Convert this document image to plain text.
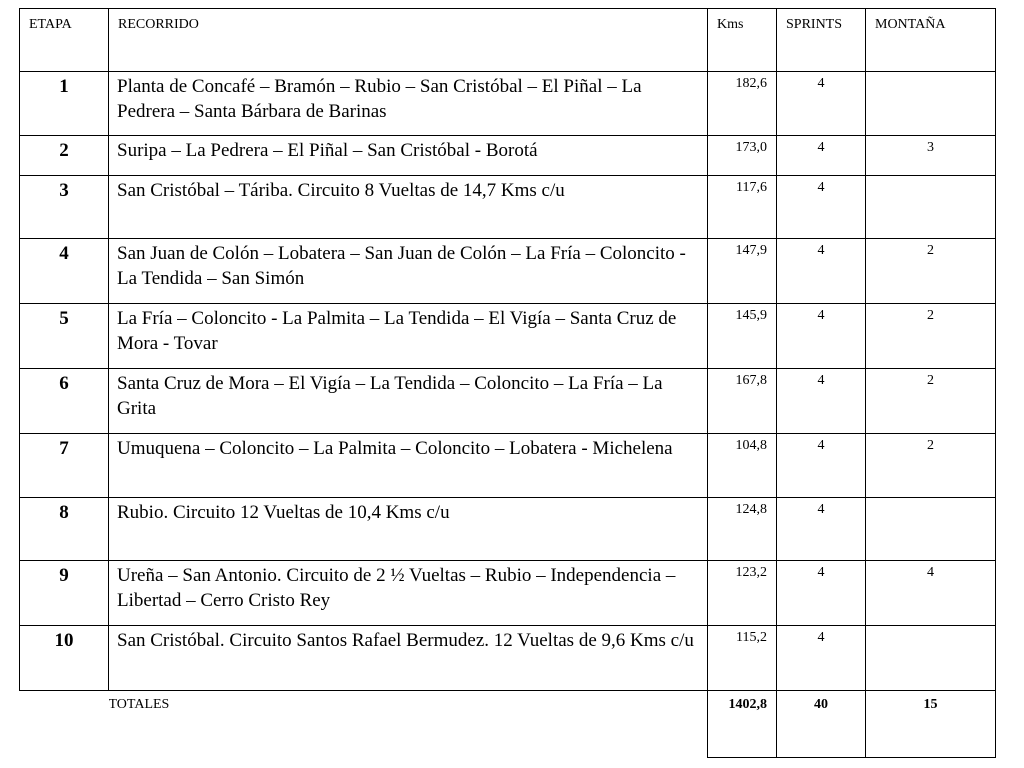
ETAPA	RECORRIDO	Kms	SPRINTS	MONTAÑA
1	Planta de Concafé – Bramón – Rubio – San Cristóbal – El Piñal – La Pedrera – Santa Bárbara de Barinas	182,6	4	
2	Suripa – La Pedrera – El Piñal – San Cristóbal - Borotá	173,0	4	3
3	San Cristóbal – Táriba. Circuito 8 Vueltas de 14,7 Kms c/u	117,6	4	
4	San Juan de Colón – Lobatera – San Juan de Colón – La Fría – Coloncito - La Tendida – San Simón	147,9	4	2
5	La Fría – Coloncito - La Palmita – La Tendida – El Vigía – Santa Cruz de Mora - Tovar	145,9	4	2
6	Santa Cruz de Mora – El Vigía – La Tendida – Coloncito – La Fría – La Grita	167,8	4	2
7	Umuquena – Coloncito – La Palmita – Coloncito – Lobatera - Michelena	104,8	4	2
8	Rubio. Circuito 12 Vueltas de 10,4 Kms c/u	124,8	4	
9	Ureña – San Antonio. Circuito de 2 ½ Vueltas – Rubio – Independencia – Libertad – Cerro Cristo Rey	123,2	4	4
10	San Cristóbal. Circuito Santos Rafael Bermudez. 12 Vueltas de 9,6 Kms c/u	115,2	4	
	TOTALES	1402,8	40	15
